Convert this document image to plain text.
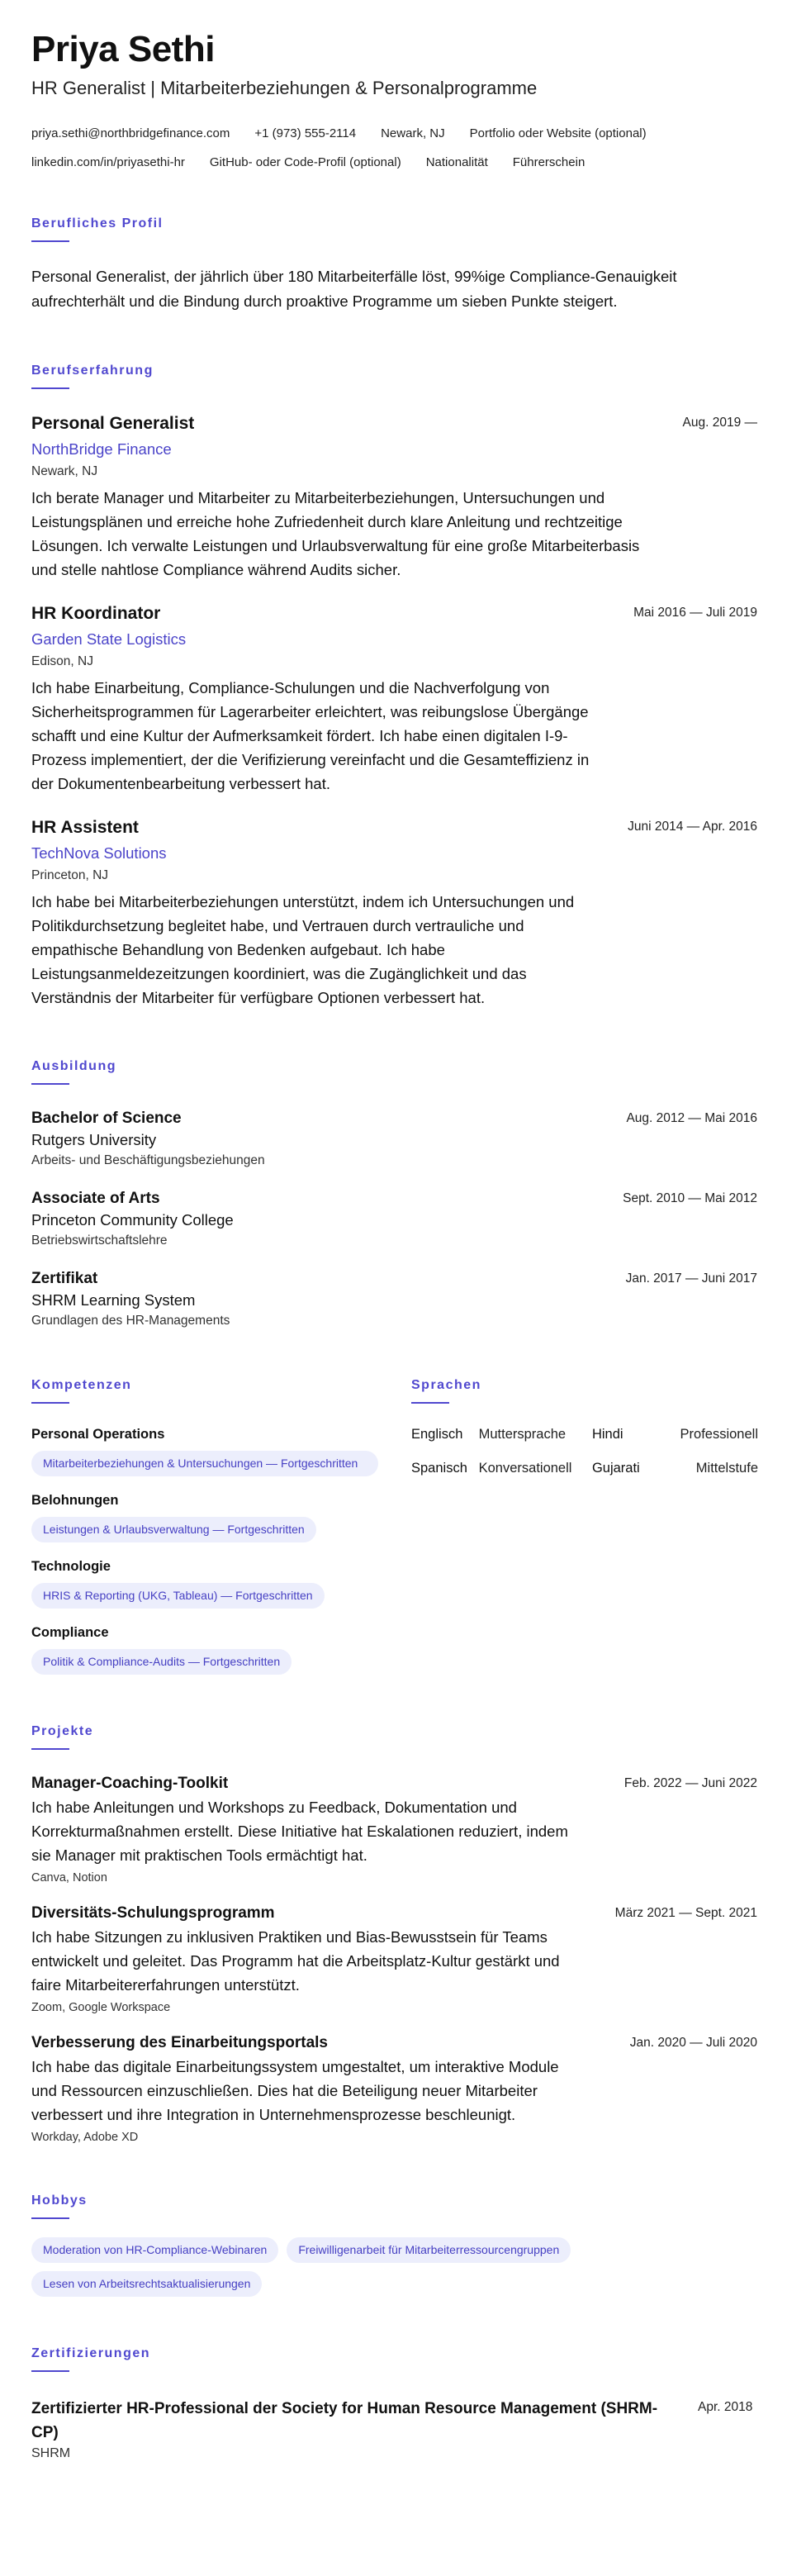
Priya Sethi
HR Generalist | Mitarbeiterbeziehungen & Personalprogramme
priya.sethi@northbridgefinance.com +1 (973) 555-2114 Newark, NJ Portfolio oder Website (optional)
linkedin.com/in/priyasethi-hr GitHub- oder Code-Profil (optional) Nationalität Führerschein
Berufliches Profil
Personal Generalist, der jährlich über 180 Mitarbeiterfälle löst, 99%ige Compliance-Genauigkeit aufrechterhält und die Bindung durch proaktive Programme um sieben Punkte steigert.
Berufserfahrung
Personal Generalist	Aug. 2019 —
NorthBridge Finance
Newark, NJ
Ich berate Manager und Mitarbeiter zu Mitarbeiterbeziehungen, Untersuchungen und Leistungsplänen und erreiche hohe Zufriedenheit durch klare Anleitung und rechtzeitige Lösungen. Ich verwalte Leistungen und Urlaubsverwaltung für eine große Mitarbeiterbasis und stelle nahtlose Compliance während Audits sicher.
HR Koordinator	Mai 2016 — Juli 2019
Garden State Logistics
Edison, NJ
Ich habe Einarbeitung, Compliance-Schulungen und die Nachverfolgung von Sicherheitsprogrammen für Lagerarbeiter erleichtert, was reibungslose Übergänge schafft und eine Kultur der Aufmerksamkeit fördert. Ich habe einen digitalen I-9-Prozess implementiert, der die Verifizierung vereinfacht und die Gesamteffizienz in der Dokumentenbearbeitung verbessert hat.
HR Assistent	Juni 2014 — Apr. 2016
TechNova Solutions
Princeton, NJ
Ich habe bei Mitarbeiterbeziehungen unterstützt, indem ich Untersuchungen und Politikdurchsetzung begleitet habe, und Vertrauen durch vertrauliche und empathische Behandlung von Bedenken aufgebaut. Ich habe Leistungsanmeldezeitzungen koordiniert, was die Zugänglichkeit und das Verständnis der Mitarbeiter für verfügbare Optionen verbessert hat.
Ausbildung
Bachelor of Science	Aug. 2012 — Mai 2016
Rutgers University
Arbeits- und Beschäftigungsbeziehungen
Associate of Arts	Sept. 2010 — Mai 2012
Princeton Community College
Betriebswirtschaftslehre
Zertifikat	Jan. 2017 — Juni 2017
SHRM Learning System
Grundlagen des HR-Managements
Kompetenzen
Personal Operations
Mitarbeiterbeziehungen & Untersuchungen — Fortgeschritten
Belohnungen
Leistungen & Urlaubsverwaltung — Fortgeschritten
Technologie
HRIS & Reporting (UKG, Tableau) — Fortgeschritten
Compliance
Politik & Compliance-Audits — Fortgeschritten
Sprachen
Englisch	Muttersprache	Hindi	Professionell
Spanisch Konversationell	Gujarati	Mittelstufe
Projekte
Manager-Coaching-Toolkit	Feb. 2022 — Juni 2022
Ich habe Anleitungen und Workshops zu Feedback, Dokumentation und Korrekturmaßnahmen erstellt. Diese Initiative hat Eskalationen reduziert, indem sie Manager mit praktischen Tools ermächtigt hat.
Canva, Notion
Diversitäts-Schulungsprogramm	März 2021 — Sept. 2021
Ich habe Sitzungen zu inklusiven Praktiken und Bias-Bewusstsein für Teams entwickelt und geleitet. Das Programm hat die Arbeitsplatz-Kultur gestärkt und faire Mitarbeitererfahrungen unterstützt.
Zoom, Google Workspace
Verbesserung des Einarbeitungsportals	Jan. 2020 — Juli 2020
Ich habe das digitale Einarbeitungssystem umgestaltet, um interaktive Module und Ressourcen einzuschließen. Dies hat die Beteiligung neuer Mitarbeiter verbessert und ihre Integration in Unternehmensprozesse beschleunigt.
Workday, Adobe XD
Hobbys
Moderation von HR-Compliance-Webinaren	Freiwilligenarbeit für Mitarbeiterressourcengruppen
Lesen von Arbeitsrechtsaktualisierungen
Zertifizierungen
Zertifizierter HR-Professional der Society for Human Resource Management (SHRM-CP)
Apr. 2018
SHRM
